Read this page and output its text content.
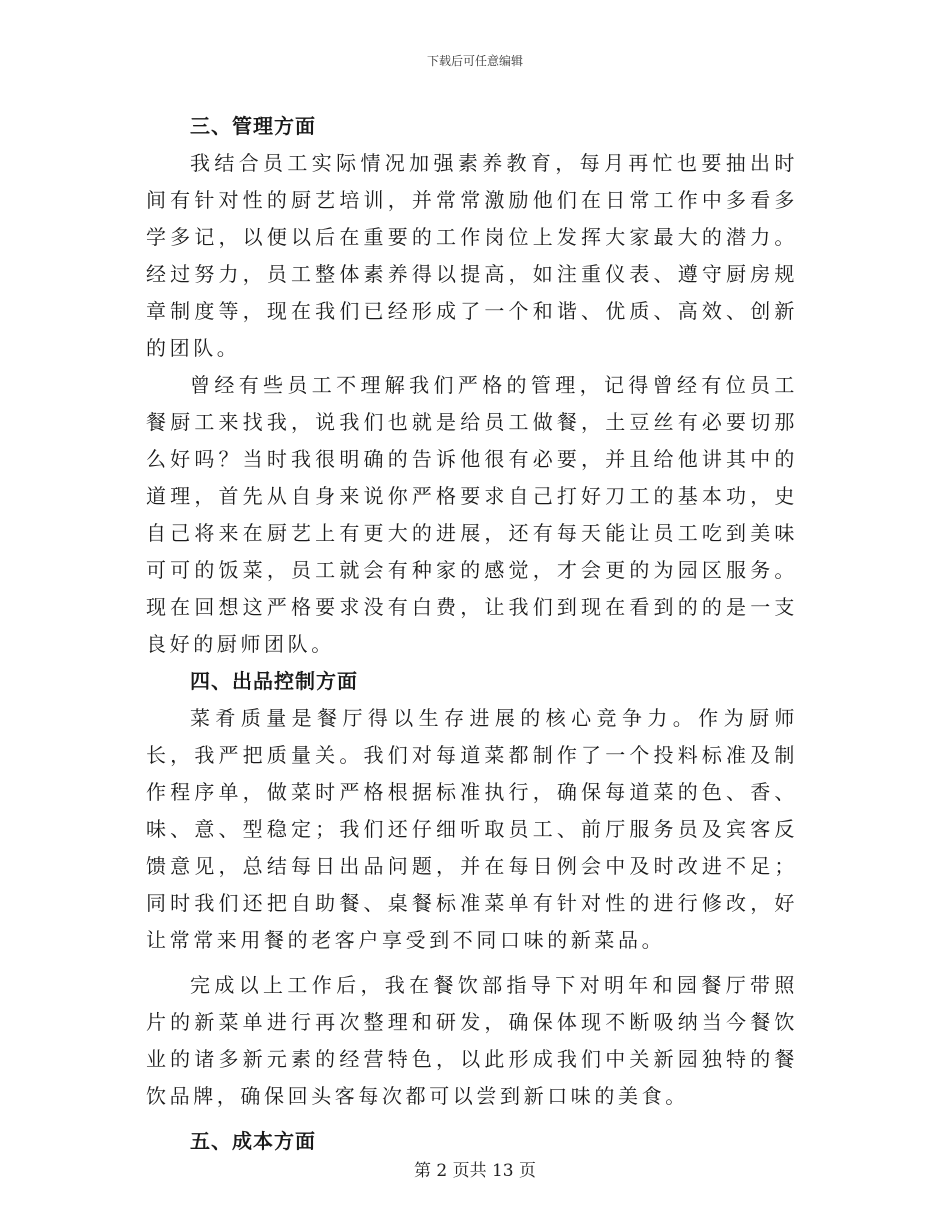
下载后可任意编辑
三、管理方面

我结合员工实际情况加强素养教育，每月再忙也要抽出时间有针对性的厨艺培训，并常常激励他们在日常工作中多看多学多记，以便以后在重要的工作岗位上发挥大家最大的潜力。经过努力，员工整体素养得以提高，如注重仪表、遵守厨房规章制度等，现在我们已经形成了一个和谐、优质、高效、创新的团队。

曾经有些员工不理解我们严格的管理，记得曾经有位员工餐厨工来找我，说我们也就是给员工做餐，土豆丝有必要切那么好吗？当时我很明确的告诉他很有必要，并且给他讲其中的道理，首先从自身来说你严格要求自己打好刀工的基本功，史自己将来在厨艺上有更大的进展，还有每天能让员工吃到美味可可的饭菜，员工就会有种家的感觉，才会更的为园区服务。现在回想这严格要求没有白费，让我们到现在看到的的是一支良好的厨师团队。

四、出品控制方面

菜肴质量是餐厅得以生存进展的核心竞争力。作为厨师长，我严把质量关。我们对每道菜都制作了一个投料标准及制作程序单，做菜时严格根据标准执行，确保每道菜的色、香、味、意、型稳定；我们还仔细听取员工、前厅服务员及宾客反馈意见，总结每日出品问题，并在每日例会中及时改进不足；同时我们还把自助餐、桌餐标准菜单有针对性的进行修改，好让常常来用餐的老客户享受到不同口味的新菜品。

完成以上工作后，我在餐饮部指导下对明年和园餐厅带照片的新菜单进行再次整理和研发，确保体现不断吸纳当今餐饮业的诸多新元素的经营特色，以此形成我们中关新园独特的餐饮品牌，确保回头客每次都可以尝到新口味的美食。

五、成本方面
第 2 页共 13 页
